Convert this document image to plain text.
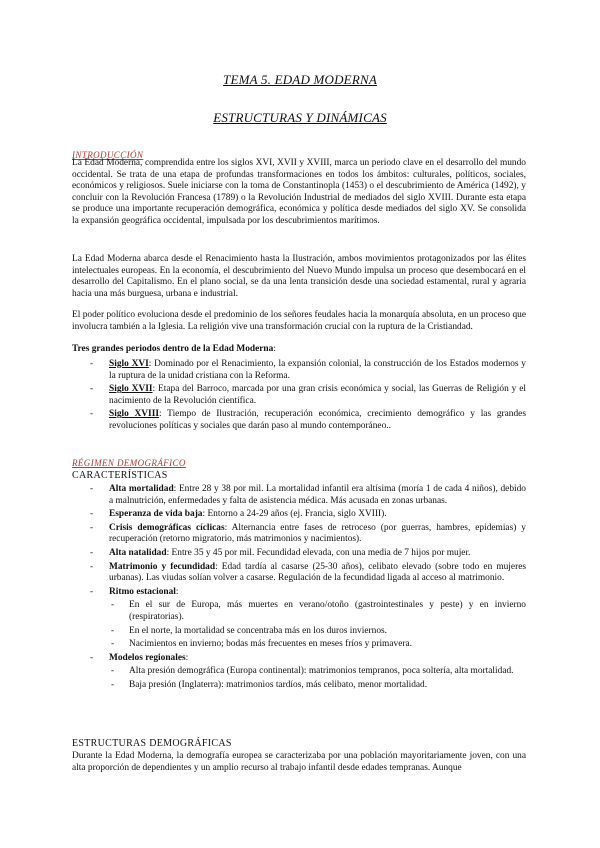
TEMA 5. EDAD MODERNA
ESTRUCTURAS Y DINÁMICAS
INTRODUCCIÓN

La Edad Moderna, comprendida entre los siglos XVI, XVII y XVIII, marca un periodo clave en el desarrollo del mundo occidental. Se trata de una etapa de profundas transformaciones en todos los ámbitos: culturales, políticos, sociales, económicos y religiosos. Suele iniciarse con la toma de Constantinopla (1453) o el descubrimiento de América (1492), y concluir con la Revolución Francesa (1789) o la Revolución Industrial de mediados del siglo XVIII. Durante esta etapa se produce una importante recuperación demográfica, económica y política desde mediados del siglo XV. Se consolida la expansión geográfica occidental, impulsada por los descubrimientos marítimos.

La Edad Moderna abarca desde el Renacimiento hasta la Ilustración, ambos movimientos protagonizados por las élites intelectuales europeas. En la economía, el descubrimiento del Nuevo Mundo impulsa un proceso que desembocará en el desarrollo del Capitalismo. En el plano social, se da una lenta transición desde una sociedad estamental, rural y agraria hacia una más burguesa, urbana e industrial.

El poder político evoluciona desde el predominio de los señores feudales hacia la monarquía absoluta, en un proceso que involucra también a la Iglesia. La religión vive una transformación crucial con la ruptura de la Cristiandad.

Tres grandes periodos dentro de la Edad Moderna:
- Siglo XVI: Dominado por el Renacimiento, la expansión colonial, la construcción de los Estados modernos y la ruptura de la unidad cristiana con la Reforma.
- Siglo XVII: Etapa del Barroco, marcada por una gran crisis económica y social, las Guerras de Religión y el nacimiento de la Revolución científica.
- Siglo XVIII: Tiempo de Ilustración, recuperación económica, crecimiento demográfico y las grandes revoluciones políticas y sociales que darán paso al mundo contemporáneo..
RÉGIMEN DEMOGRÁFICO
CARACTERÍSTICAS
- Alta mortalidad: Entre 28 y 38 por mil. La mortalidad infantil era altísima (moría 1 de cada 4 niños), debido a malnutrición, enfermedades y falta de asistencia médica. Más acusada en zonas urbanas.
- Esperanza de vida baja: Entorno a 24-29 años (ej. Francia, siglo XVIII).
- Crisis demográficas cíclicas: Alternancia entre fases de retroceso (por guerras, hambres, epidemias) y recuperación (retorno migratorio, más matrimonios y nacimientos).
- Alta natalidad: Entre 35 y 45 por mil. Fecundidad elevada, con una media de 7 hijos por mujer.
- Matrimonio y fecundidad: Edad tardía al casarse (25-30 años), celibato elevado (sobre todo en mujeres urbanas). Las viudas solían volver a casarse. Regulación de la fecundidad ligada al acceso al matrimonio.
- Ritmo estacional:
- En el sur de Europa, más muertes en verano/otoño (gastrointestinales y peste) y en invierno (respiratorias).
- En el norte, la mortalidad se concentraba más en los duros inviernos.
- Nacimientos en invierno; bodas más frecuentes en meses fríos y primavera.
- Modelos regionales:
- Alta presión demográfica (Europa continental): matrimonios tempranos, poca soltería, alta mortalidad.
- Baja presión (Inglaterra): matrimonios tardíos, más celibato, menor mortalidad.
ESTRUCTURAS DEMOGRÁFICAS

Durante la Edad Moderna, la demografía europea se caracterizaba por una población mayoritariamente joven, con una alta proporción de dependientes y un amplio recurso al trabajo infantil desde edades tempranas. Aunque
